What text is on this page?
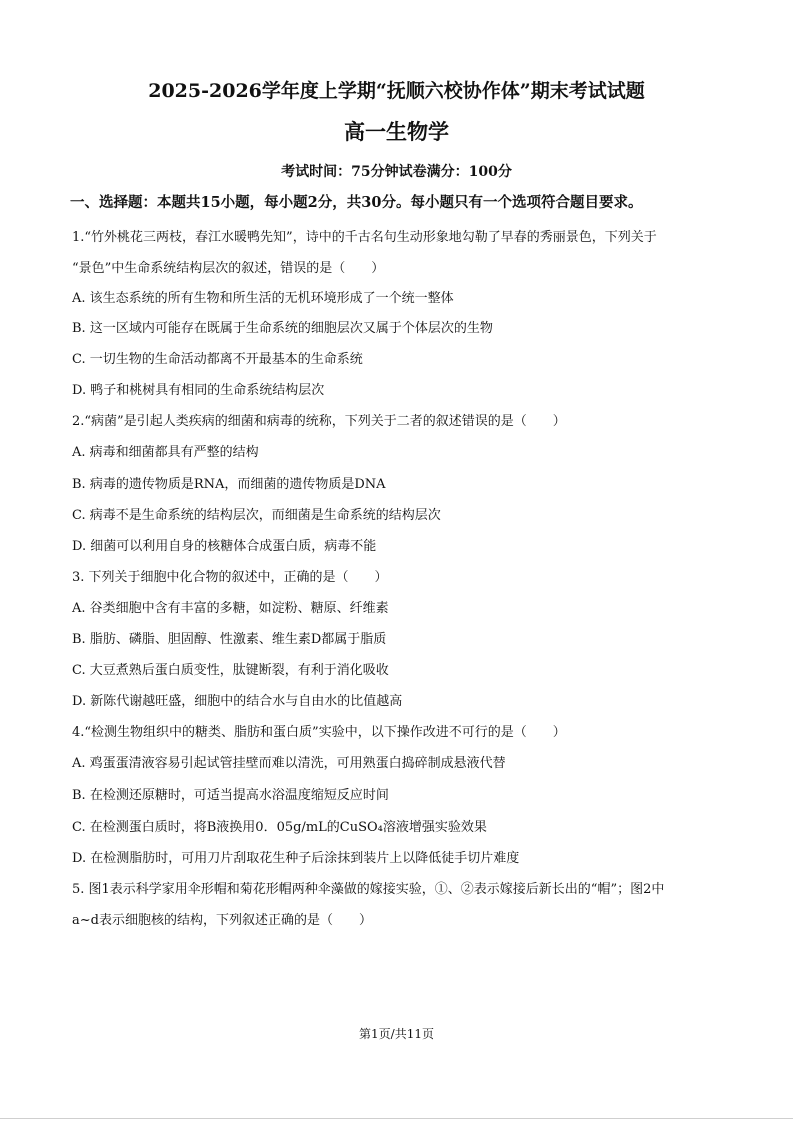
2025-2026学年度上学期“抚顺六校协作体”期末考试试题
高一生物学
考试时间：75分钟试卷满分：100分
一、选择题：本题共15小题，每小题2分，共30分。每小题只有一个选项符合题目要求。
1.“竹外桃花三两枝，春江水暖鸭先知”，诗中的千古名句生动形象地勾勒了早春的秀丽景色，下列关于
“景色”中生命系统结构层次的叙述，错误的是（　　）
A. 该生态系统的所有生物和所生活的无机环境形成了一个统一整体
B. 这一区域内可能存在既属于生命系统的细胞层次又属于个体层次的生物
C. 一切生物的生命活动都离不开最基本的生命系统
D. 鸭子和桃树具有相同的生命系统结构层次
2.“病菌”是引起人类疾病的细菌和病毒的统称，下列关于二者的叙述错误的是（　　）
A. 病毒和细菌都具有严整的结构
B. 病毒的遗传物质是RNA，而细菌的遗传物质是DNA
C. 病毒不是生命系统的结构层次，而细菌是生命系统的结构层次
D. 细菌可以利用自身的核糖体合成蛋白质，病毒不能
3. 下列关于细胞中化合物的叙述中，正确的是（　　）
A. 谷类细胞中含有丰富的多糖，如淀粉、糖原、纤维素
B. 脂肪、磷脂、胆固醇、性激素、维生素D都属于脂质
C. 大豆煮熟后蛋白质变性，肽键断裂，有利于消化吸收
D. 新陈代谢越旺盛，细胞中的结合水与自由水的比值越高
4.“检测生物组织中的糖类、脂肪和蛋白质”实验中，以下操作改进不可行的是（　　）
A. 鸡蛋蛋清液容易引起试管挂壁而难以清洗，可用熟蛋白捣碎制成悬液代替
B. 在检测还原糖时，可适当提高水浴温度缩短反应时间
C. 在检测蛋白质时，将B液换用0．05g/mL的CuSO₄溶液增强实验效果
D. 在检测脂肪时，可用刀片刮取花生种子后涂抹到装片上以降低徒手切片难度
5. 图1表示科学家用伞形帽和菊花形帽两种伞藻做的嫁接实验，①、②表示嫁接后新长出的“帽”；图2中
a~d表示细胞核的结构，下列叙述正确的是（　　）
第1页/共11页
